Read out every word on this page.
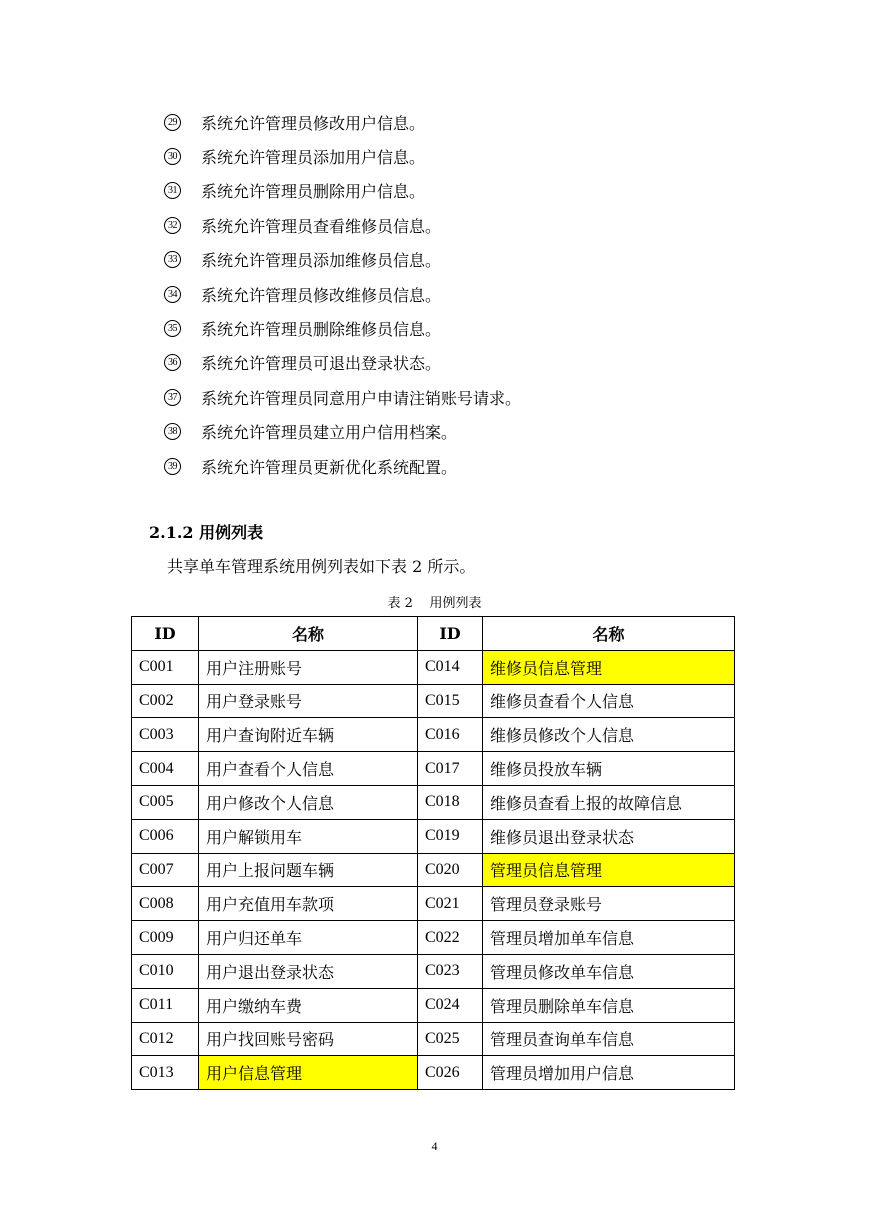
29 系统允许管理员修改用户信息。
30 系统允许管理员添加用户信息。
31 系统允许管理员删除用户信息。
32 系统允许管理员查看维修员信息。
33 系统允许管理员添加维修员信息。
34 系统允许管理员修改维修员信息。
35 系统允许管理员删除维修员信息。
36 系统允许管理员可退出登录状态。
37 系统允许管理员同意用户申请注销账号请求。
38 系统允许管理员建立用户信用档案。
39 系统允许管理员更新优化系统配置。
2.1.2 用例列表
共享单车管理系统用例列表如下表 2 所示。
表 2    用例列表
ID	名称	ID	名称
C001	用户注册账号	C014	维修员信息管理
C002	用户登录账号	C015	维修员查看个人信息
C003	用户查询附近车辆	C016	维修员修改个人信息
C004	用户查看个人信息	C017	维修员投放车辆
C005	用户修改个人信息	C018	维修员查看上报的故障信息
C006	用户解锁用车	C019	维修员退出登录状态
C007	用户上报问题车辆	C020	管理员信息管理
C008	用户充值用车款项	C021	管理员登录账号
C009	用户归还单车	C022	管理员增加单车信息
C010	用户退出登录状态	C023	管理员修改单车信息
C011	用户缴纳车费	C024	管理员删除单车信息
C012	用户找回账号密码	C025	管理员查询单车信息
C013	用户信息管理	C026	管理员增加用户信息
4
